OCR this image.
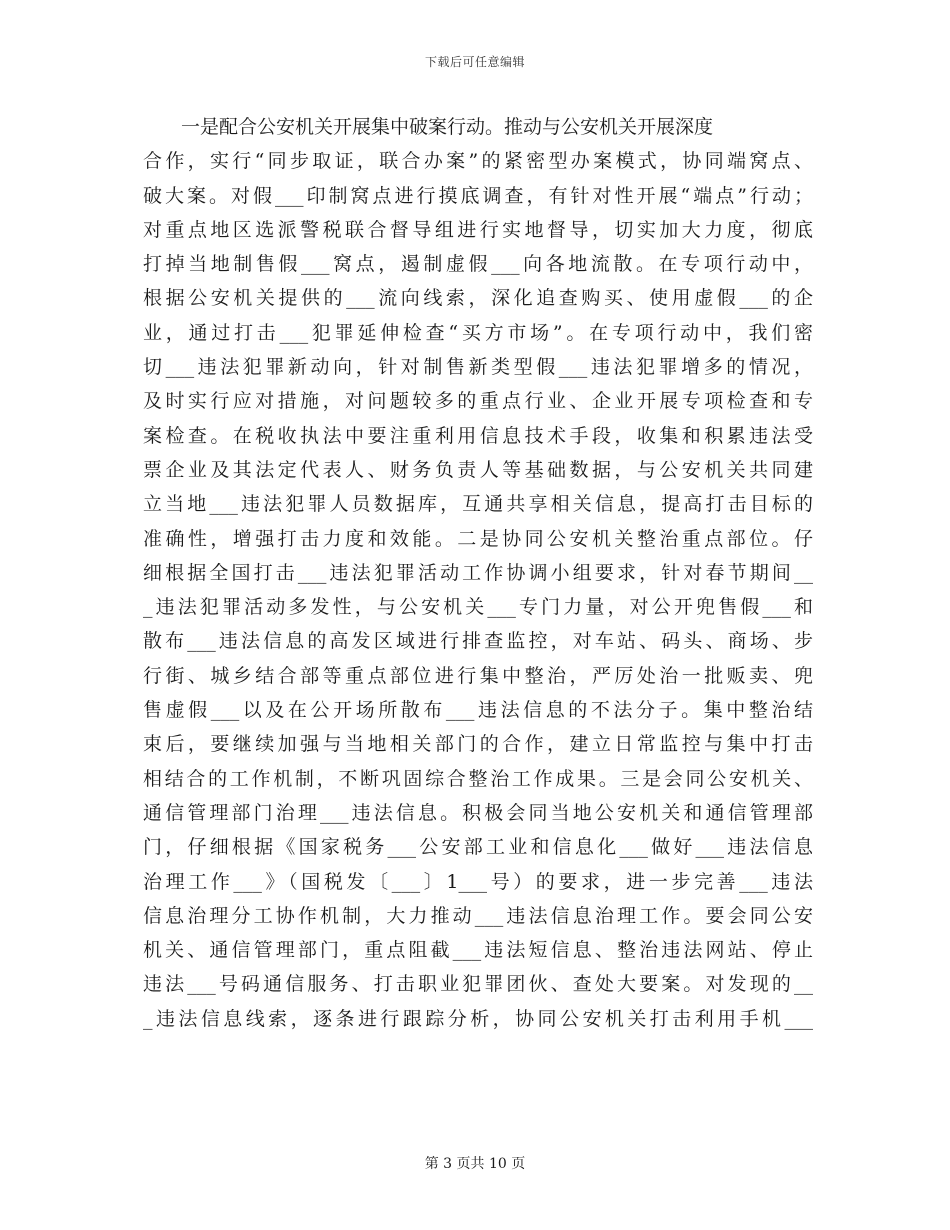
下载后可任意编辑
一是配合公安机关开展集中破案行动。推动与公安机关开展深度
合作，实行“同步取证，联合办案”的紧密型办案模式，协同端窝点、
破大案。对假___印制窝点进行摸底调查，有针对性开展“端点”行动；
对重点地区选派警税联合督导组进行实地督导，切实加大力度，彻底
打掉当地制售假___窝点，遏制虚假___向各地流散。在专项行动中，
根据公安机关提供的___流向线索，深化追查购买、使用虚假___的企
业，通过打击___犯罪延伸检查“买方市场”。在专项行动中，我们密
切___违法犯罪新动向，针对制售新类型假___违法犯罪增多的情况，
及时实行应对措施，对问题较多的重点行业、企业开展专项检查和专
案检查。在税收执法中要注重利用信息技术手段，收集和积累违法受
票企业及其法定代表人、财务负责人等基础数据，与公安机关共同建
立当地___违法犯罪人员数据库，互通共享相关信息，提高打击目标的
准确性，增强打击力度和效能。二是协同公安机关整治重点部位。仔
细根据全国打击___违法犯罪活动工作协调小组要求，针对春节期间__
_违法犯罪活动多发性，与公安机关___专门力量，对公开兜售假___和
散布___违法信息的高发区域进行排查监控，对车站、码头、商场、步
行街、城乡结合部等重点部位进行集中整治，严厉处治一批贩卖、兜
售虚假___以及在公开场所散布___违法信息的不法分子。集中整治结
束后，要继续加强与当地相关部门的合作，建立日常监控与集中打击
相结合的工作机制，不断巩固综合整治工作成果。三是会同公安机关、
通信管理部门治理___违法信息。积极会同当地公安机关和通信管理部
门，仔细根据《国家税务___公安部工业和信息化___做好___违法信息
治理工作___》（国税发〔___〕1___号）的要求，进一步完善___违法
信息治理分工协作机制，大力推动___违法信息治理工作。要会同公安
机关、通信管理部门，重点阻截___违法短信息、整治违法网站、停止
违法___号码通信服务、打击职业犯罪团伙、查处大要案。对发现的__
_违法信息线索，逐条进行跟踪分析，协同公安机关打击利用手机___
第 3 页共 10 页
